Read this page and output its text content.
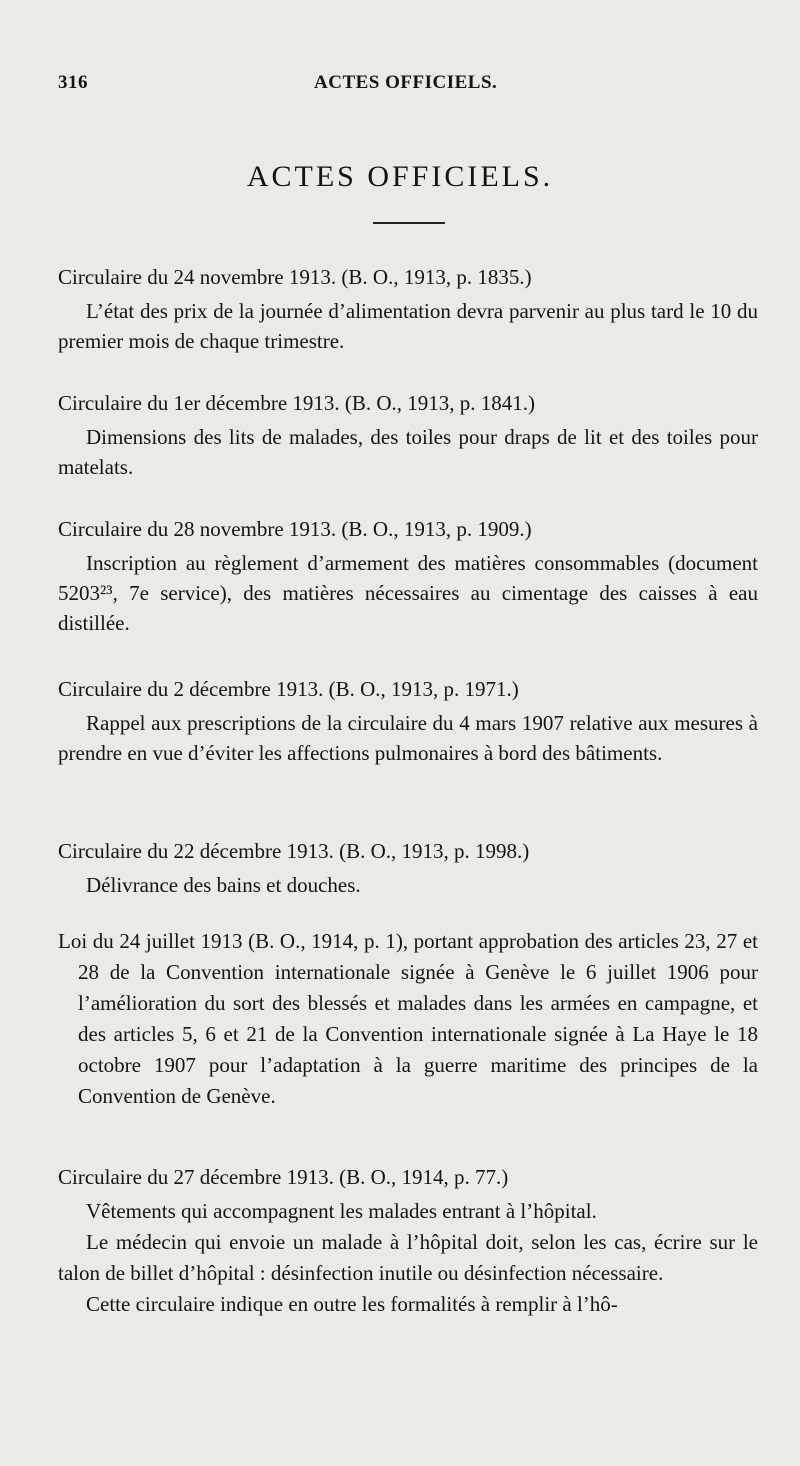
316	ACTES OFFICIELS.
ACTES OFFICIELS.
Circulaire du 24 novembre 1913. (B. O., 1913, p. 1835.)

L’état des prix de la journée d’alimentation devra parvenir au plus tard le 10 du premier mois de chaque trimestre.

Circulaire du 1er décembre 1913. (B. O., 1913, p. 1841.)

Dimensions des lits de malades, des toiles pour draps de lit et des toiles pour matelats.

Circulaire du 28 novembre 1913. (B. O., 1913, p. 1909.)

Inscription au règlement d’armement des matières consommables (document 5203²³, 7e service), des matières nécessaires au cimentage des caisses à eau distillée.

Circulaire du 2 décembre 1913. (B. O., 1913, p. 1971.)

Rappel aux prescriptions de la circulaire du 4 mars 1907 relative aux mesures à prendre en vue d’éviter les affections pulmonaires à bord des bâtiments.

Circulaire du 22 décembre 1913. (B. O., 1913, p. 1998.)

Délivrance des bains et douches.

Loi du 24 juillet 1913 (B. O., 1914, p. 1), portant approbation des articles 23, 27 et 28 de la Convention internationale signée à Genève le 6 juillet 1906 pour l’amélioration du sort des blessés et malades dans les armées en campagne, et des articles 5, 6 et 21 de la Convention internationale signée à La Haye le 18 octobre 1907 pour l’adaptation à la guerre maritime des principes de la Convention de Genève.
Circulaire du 27 décembre 1913. (B. O., 1914, p. 77.)

Vêtements qui accompagnent les malades entrant à l’hôpital.

Le médecin qui envoie un malade à l’hôpital doit, selon les cas, écrire sur le talon de billet d’hôpital : désinfection inutile ou désinfection nécessaire.

Cette circulaire indique en outre les formalités à remplir à l’hô-
